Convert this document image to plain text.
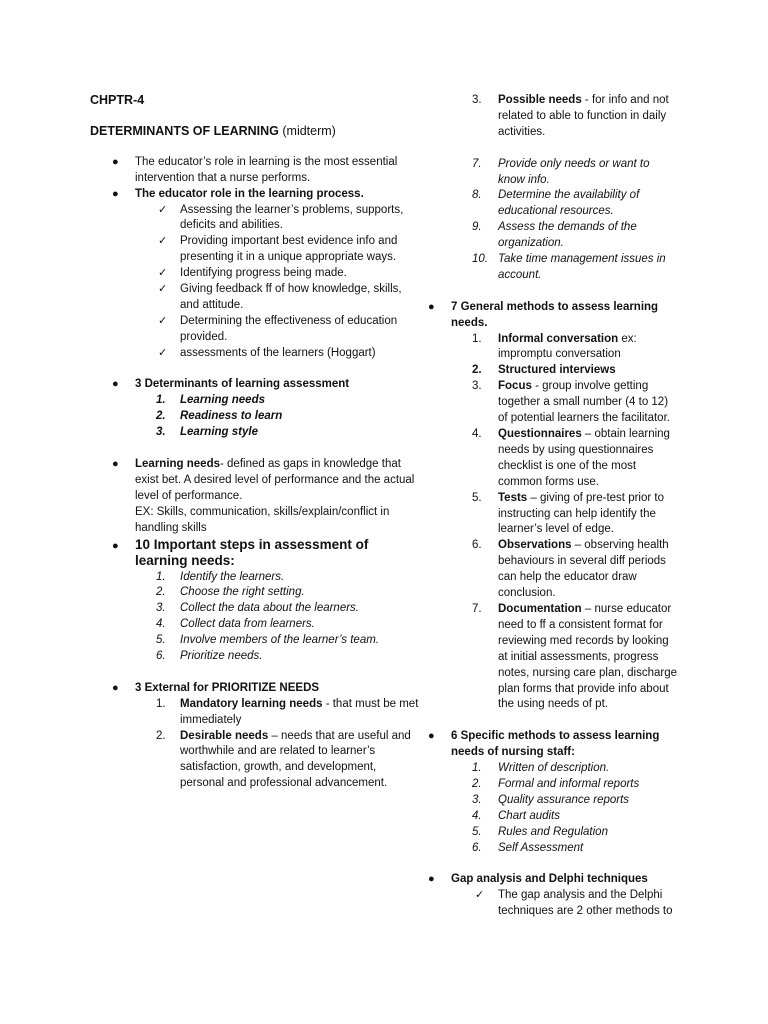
CHPTR-4
DETERMINANTS OF LEARNING (midterm)
● The educator’s role in learning is the most essential intervention that a nurse performs.
● The educator role in the learning process.
✓ Assessing the learner’s problems, supports, deficits and abilities.
✓ Providing important best evidence info and presenting it in a unique appropriate ways.
✓ Identifying progress being made.
✓ Giving feedback ff of how knowledge, skills, and attitude.
✓ Determining the effectiveness of education provided.
✓ assessments of the learners (Hoggart)
● 3 Determinants of learning assessment
1. Learning needs
2. Readiness to learn
3. Learning style
● Learning needs- defined as gaps in knowledge that exist bet. A desired level of performance and the actual level of performance.
EX: Skills, communication, skills/explain/conflict in handling skills
● 10 Important steps in assessment of learning needs:
1. Identify the learners.
2. Choose the right setting.
3. Collect the data about the learners.
4. Collect data from learners.
5. Involve members of the learner’s team.
6. Prioritize needs.
● 3 External for PRIORITIZE NEEDS
1. Mandatory learning needs - that must be met immediately
2. Desirable needs – needs that are useful and worthwhile and are related to learner’s satisfaction, growth, and development, personal and professional advancement.
3. Possible needs - for info and not related to able to function in daily activities.
7. Provide only needs or want to know info.
8. Determine the availability of educational resources.
9. Assess the demands of the organization.
10. Take time management issues in account.
● 7 General methods to assess learning needs.
1. Informal conversation ex: impromptu conversation
2. Structured interviews
3. Focus - group involve getting together a small number (4 to 12) of potential learners the facilitator.
4. Questionnaires – obtain learning needs by using questionnaires checklist is one of the most common forms use.
5. Tests – giving of pre-test prior to instructing can help identify the learner’s level of edge.
6. Observations – observing health behaviours in several diff periods can help the educator draw conclusion.
7. Documentation – nurse educator need to ff a consistent format for reviewing med records by looking at initial assessments, progress notes, nursing care plan, discharge plan forms that provide info about the using needs of pt.
● 6 Specific methods to assess learning needs of nursing staff:
1. Written of description.
2. Formal and informal reports
3. Quality assurance reports
4. Chart audits
5. Rules and Regulation
6. Self Assessment
● Gap analysis and Delphi techniques
✓ The gap analysis and the Delphi techniques are 2 other methods to
